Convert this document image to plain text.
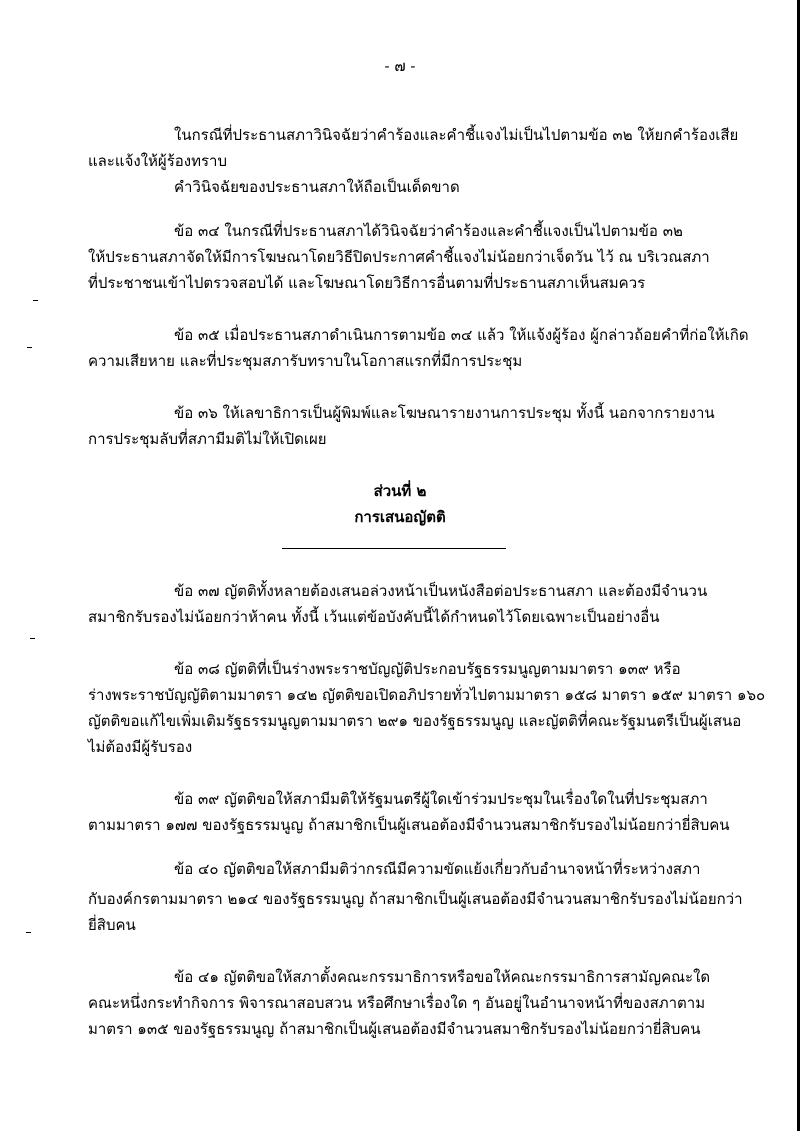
- ๗ -
ในกรณีที่ประธานสภาวินิจฉัยว่าคำร้องและคำชี้แจงไม่เป็นไปตามข้อ ๓๒ ให้ยกคำร้องเสีย
และแจ้งให้ผู้ร้องทราบ
คำวินิจฉัยของประธานสภาให้ถือเป็นเด็ดขาด
ข้อ ๓๔ ในกรณีที่ประธานสภาได้วินิจฉัยว่าคำร้องและคำชี้แจงเป็นไปตามข้อ ๓๒
ให้ประธานสภาจัดให้มีการโฆษณาโดยวิธีปิดประกาศคำชี้แจงไม่น้อยกว่าเจ็ดวัน ไว้ ณ บริเวณสภา
ที่ประชาชนเข้าไปตรวจสอบได้ และโฆษณาโดยวิธีการอื่นตามที่ประธานสภาเห็นสมควร
ข้อ ๓๕ เมื่อประธานสภาดำเนินการตามข้อ ๓๔ แล้ว ให้แจ้งผู้ร้อง ผู้กล่าวถ้อยคำที่ก่อให้เกิด
ความเสียหาย และที่ประชุมสภารับทราบในโอกาสแรกที่มีการประชุม
ข้อ ๓๖ ให้เลขาธิการเป็นผู้พิมพ์และโฆษณารายงานการประชุม ทั้งนี้ นอกจากรายงาน
การประชุมลับที่สภามีมติไม่ให้เปิดเผย
ส่วนที่ ๒
การเสนอญัตติ
ข้อ ๓๗ ญัตติทั้งหลายต้องเสนอล่วงหน้าเป็นหนังสือต่อประธานสภา และต้องมีจำนวน
สมาชิกรับรองไม่น้อยกว่าห้าคน ทั้งนี้ เว้นแต่ข้อบังคับนี้ได้กำหนดไว้โดยเฉพาะเป็นอย่างอื่น
ข้อ ๓๘ ญัตติที่เป็นร่างพระราชบัญญัติประกอบรัฐธรรมนูญตามมาตรา ๑๓๙ หรือ
ร่างพระราชบัญญัติตามมาตรา ๑๔๒ ญัตติขอเปิดอภิปรายทั่วไปตามมาตรา ๑๕๘ มาตรา ๑๕๙ มาตรา ๑๖๐
ญัตติขอแก้ไขเพิ่มเติมรัฐธรรมนูญตามมาตรา ๒๙๑ ของรัฐธรรมนูญ และญัตติที่คณะรัฐมนตรีเป็นผู้เสนอ
ไม่ต้องมีผู้รับรอง
ข้อ ๓๙ ญัตติขอให้สภามีมติให้รัฐมนตรีผู้ใดเข้าร่วมประชุมในเรื่องใดในที่ประชุมสภา
ตามมาตรา ๑๗๗ ของรัฐธรรมนูญ ถ้าสมาชิกเป็นผู้เสนอต้องมีจำนวนสมาชิกรับรองไม่น้อยกว่ายี่สิบคน
ข้อ ๔๐ ญัตติขอให้สภามีมติว่ากรณีมีความขัดแย้งเกี่ยวกับอำนาจหน้าที่ระหว่างสภา
กับองค์กรตามมาตรา ๒๑๔ ของรัฐธรรมนูญ ถ้าสมาชิกเป็นผู้เสนอต้องมีจำนวนสมาชิกรับรองไม่น้อยกว่า
ยี่สิบคน
ข้อ ๔๑ ญัตติขอให้สภาตั้งคณะกรรมาธิการหรือขอให้คณะกรรมาธิการสามัญคณะใด
คณะหนึ่งกระทำกิจการ พิจารณาสอบสวน หรือศึกษาเรื่องใด ๆ อันอยู่ในอำนาจหน้าที่ของสภาตาม
มาตรา ๑๓๕ ของรัฐธรรมนูญ ถ้าสมาชิกเป็นผู้เสนอต้องมีจำนวนสมาชิกรับรองไม่น้อยกว่ายี่สิบคน
